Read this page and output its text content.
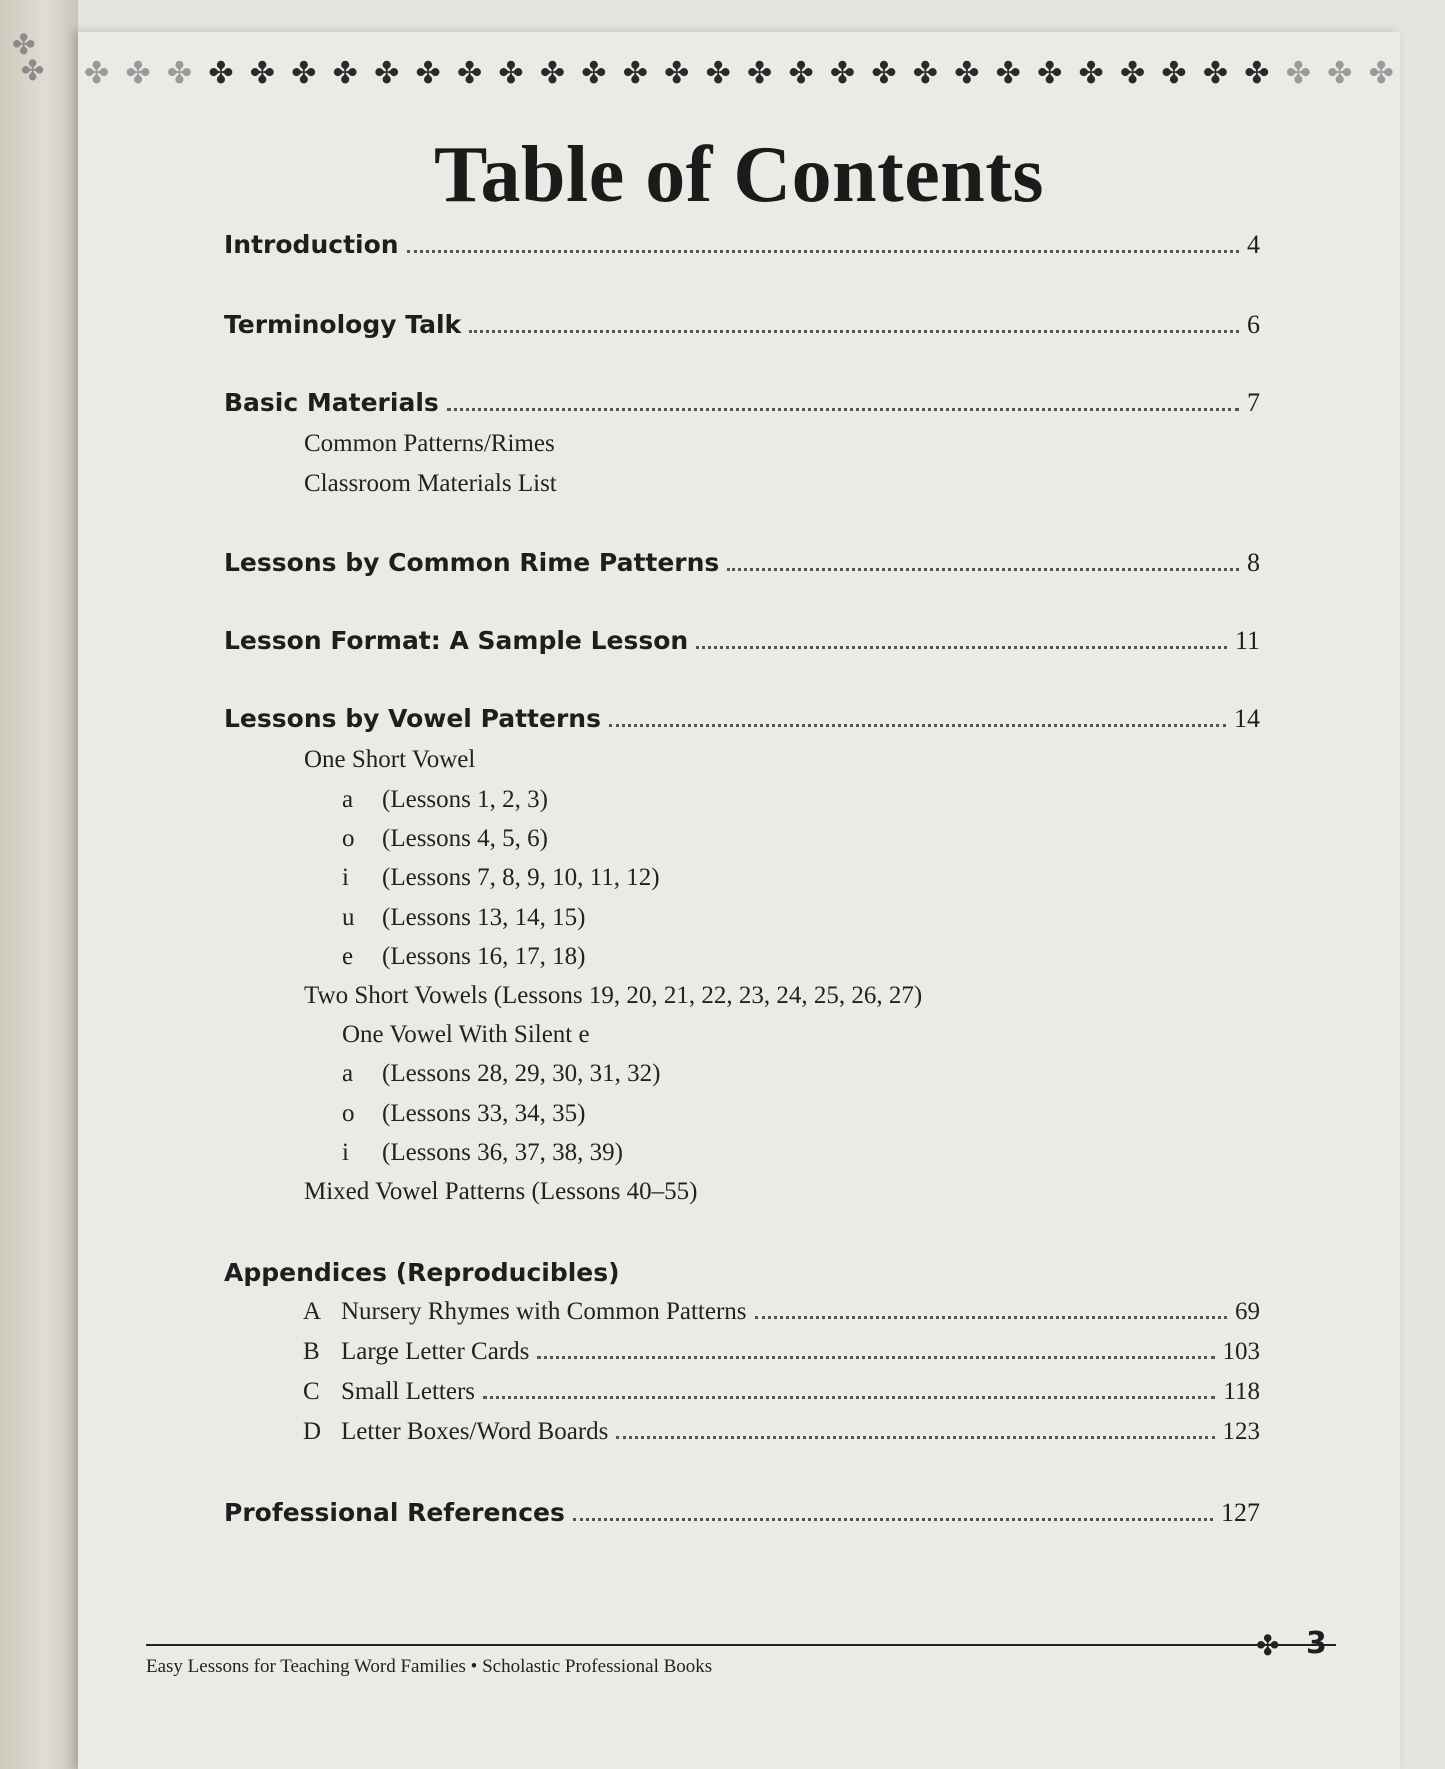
✤
✤ ✤ ✤ ✤ ✤ ✤ ✤ ✤ ✤ ✤ ✤ ✤ ✤ ✤ ✤ ✤ ✤ ✤ ✤ ✤ ✤ ✤ ✤ ✤ ✤ ✤ ✤ ✤ ✤ ✤ ✤ ✤ ✤
Table of Contents
Introduction	4
Terminology Talk	6
Basic Materials	7
Common Patterns/Rimes
Classroom Materials List
Lessons by Common Rime Patterns	8
Lesson Format: A Sample Lesson	11
Lessons by Vowel Patterns	14
One Short Vowel
a (Lessons 1, 2, 3)
o (Lessons 4, 5, 6)
i (Lessons 7, 8, 9, 10, 11, 12)
u (Lessons 13, 14, 15)
e (Lessons 16, 17, 18)
Two Short Vowels (Lessons 19, 20, 21, 22, 23, 24, 25, 26, 27)
One Vowel With Silent e
a (Lessons 28, 29, 30, 31, 32)
o (Lessons 33, 34, 35)
i (Lessons 36, 37, 38, 39)
Mixed Vowel Patterns (Lessons 40–55)
Appendices (Reproducibles)
A Nursery Rhymes with Common Patterns	69
B Large Letter Cards	103
C Small Letters	118
D Letter Boxes/Word Boards	123
Professional References	127
✤ 3
Easy Lessons for Teaching Word Families • Scholastic Professional Books
